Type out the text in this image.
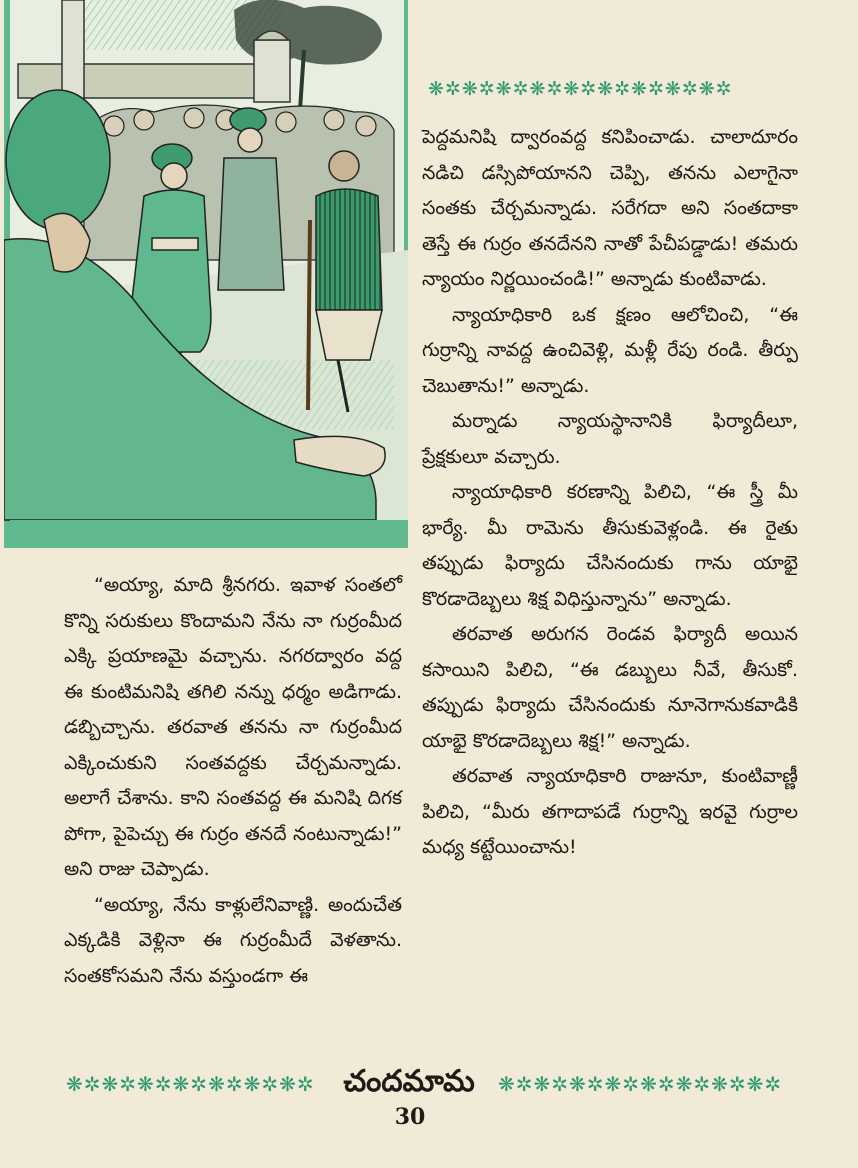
❋✲❋✲❋✲❋✲❋✲❋✲❋✲❋✲❋✲

పెద్దమనిషి ద్వారంవద్ద కనిపించాడు. చాలాదూరం నడిచి డస్సిపోయానని చెప్పి, తనను ఎలాగైనా సంతకు చేర్చమన్నాడు. సరేగదా అని సంతదాకా తెస్తే ఈ గుర్రం తనదేనని నాతో పేచీపడ్డాడు! తమరు న్యాయం నిర్ణయించండి!” అన్నాడు కుంటివాడు.

న్యాయాధికారి ఒక క్షణం ఆలోచించి, “ఈ గుర్రాన్ని నావద్ద ఉంచివెళ్లి, మళ్లీ రేపు రండి. తీర్పు చెబుతాను!” అన్నాడు.

మర్నాడు న్యాయస్థానానికి ఫిర్యాదీలూ, ప్రేక్షకులూ వచ్చారు.

న్యాయాధికారి కరణాన్ని పిలిచి, “ఈ స్త్రీ మీ భార్యే. మీ రామెను తీసుకువెళ్లండి. ఈ రైతు తప్పుడు ఫిర్యాదు చేసినందుకు గాను యాభై కొరడాదెబ్బలు శిక్ష విధిస్తున్నాను” అన్నాడు.

తరవాత అరుగన రెండవ ఫిర్యాదీ అయిన కసాయిని పిలిచి, “ఈ డబ్బులు నీవే, తీసుకో. తప్పుడు ఫిర్యాదు చేసినందుకు నూనెగానుకవాడికి యాభై కొరడాదెబ్బలు శిక్ష!” అన్నాడు.

తరవాత న్యాయాధికారి రాజునూ, కుంటివాణ్ణీ పిలిచి, “మీరు తగాదాపడే గుర్రాన్ని ఇరవై గుర్రాల మధ్య కట్టేయించాను!

“అయ్యా, మాది శ్రీనగరు. ఇవాళ సంతలో కొన్ని సరుకులు కొందామని నేను నా గుర్రంమీద ఎక్కి ప్రయాణమై వచ్చాను. నగరద్వారం వద్ద ఈ కుంటిమనిషి తగిలి నన్ను ధర్మం అడిగాడు. డబ్బిచ్చాను. తరవాత తనను నా గుర్రంమీద ఎక్కించుకుని సంతవద్దకు చేర్చమన్నాడు. అలాగే చేశాను. కాని సంతవద్ద ఈ మనిషి దిగక పోగా, పైపెచ్చు ఈ గుర్రం తనదే నంటున్నాడు!” అని రాజు చెప్పాడు.

“అయ్యా, నేను కాళ్లులేనివాణ్ణి. అందుచేత ఎక్కడికి వెళ్లినా ఈ గుర్రంమీదే వెళతాను. సంతకోసమని నేను వస్తుండగా ఈ

❋✲❋✲❋✲❋✲❋✲❋✲❋✲ చందమామ	❋✲❋✲❋✲❋✲❋✲❋✲❋✲❋✲
30
